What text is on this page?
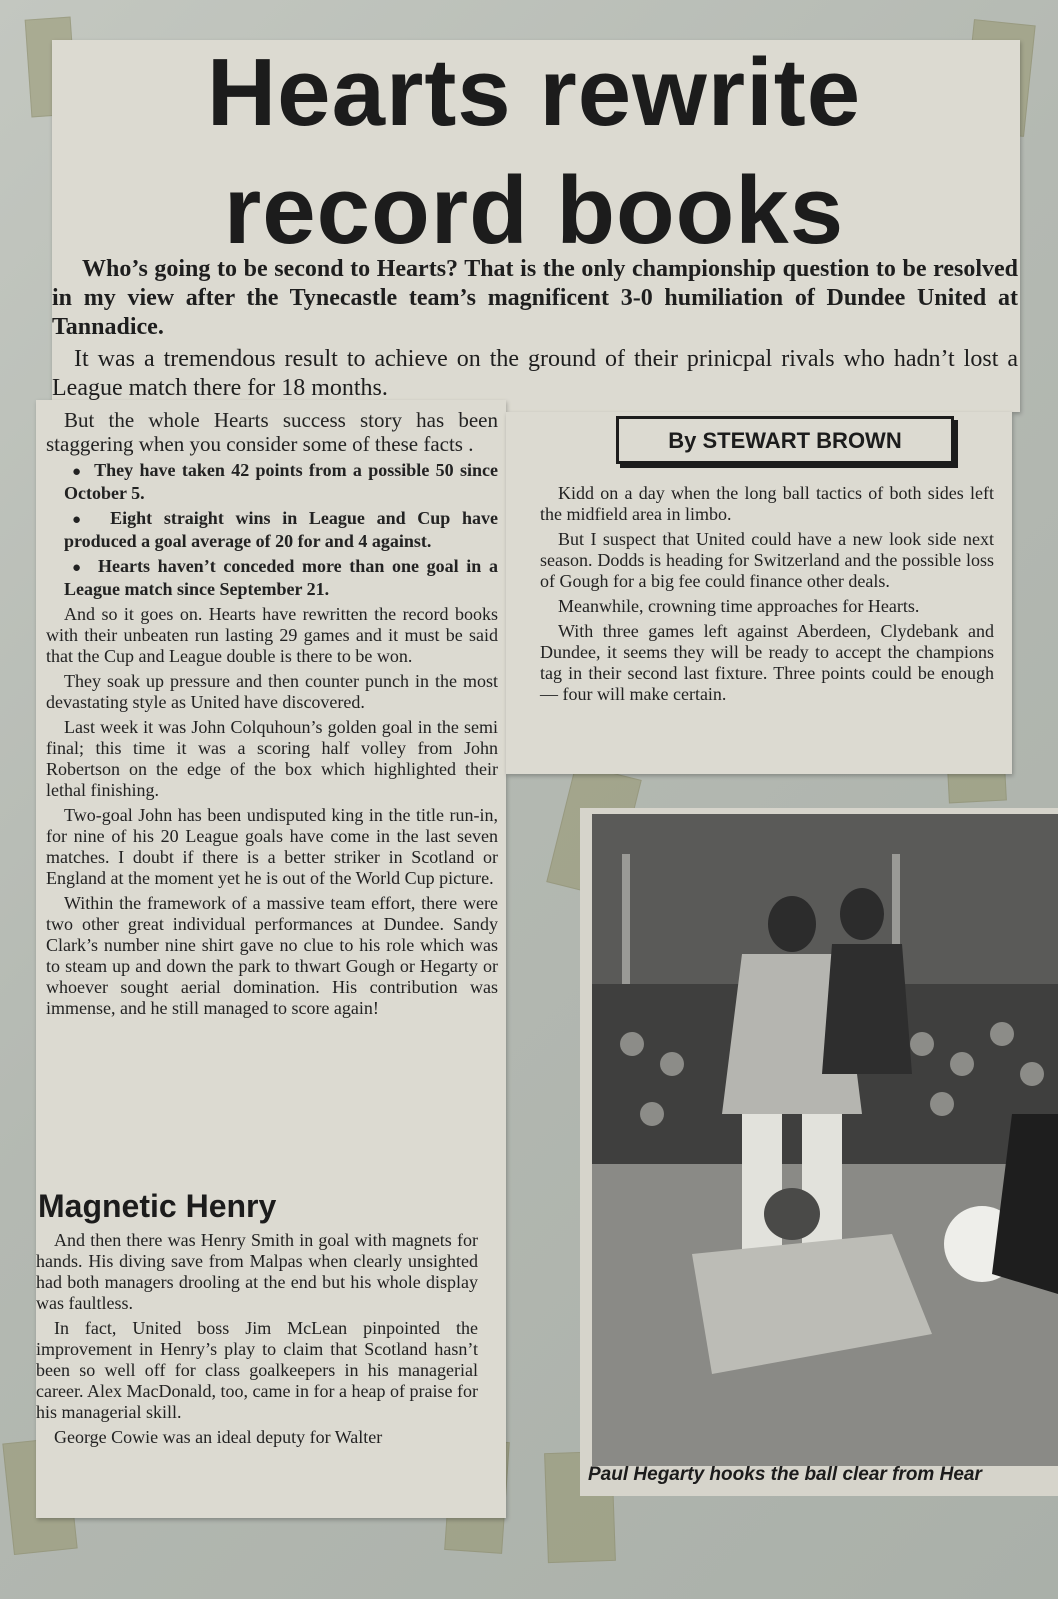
Hearts rewrite
record books
Who’s going to be second to Hearts? That is the only championship question to be resolved in my view after the Tynecastle team’s magnificent 3-0 humiliation of Dundee United at Tannadice.
It was a tremendous result to achieve on the ground of their prinicpal rivals who hadn’t lost a League match there for 18 months.

But the whole Hearts success story has been staggering when you consider some of these facts .

●  They have taken 42 points from a possible 50 since October 5.

●  Eight straight wins in League and Cup have produced a goal average of 20 for and 4 against.

●  Hearts haven’t conceded more than one goal in a League match since September 21.

And so it goes on. Hearts have rewritten the record books with their unbeaten run lasting 29 games and it must be said that the Cup and League double is there to be won.

They soak up pressure and then counter punch in the most devastating style as United have discovered.

Last week it was John Colquhoun’s golden goal in the semi final; this time it was a scoring half volley from John Robertson on the edge of the box which highlighted their lethal finishing.

Two-goal John has been undisputed king in the title run-in, for nine of his 20 League goals have come in the last seven matches. I doubt if there is a better striker in Scotland or England at the moment yet he is out of the World Cup picture.

Within the framework of a massive team effort, there were two other great individual performances at Dundee. Sandy Clark’s number nine shirt gave no clue to his role which was to steam up and down the park to thwart Gough or Hegarty or whoever sought aerial domination. His contribution was immense, and he still managed to score again!

Magnetic Henry

And then there was Henry Smith in goal with magnets for hands. His diving save from Malpas when clearly unsighted had both managers drooling at the end but his whole display was faultless.

In fact, United boss Jim McLean pinpointed the improvement in Henry’s play to claim that Scotland hasn’t been so well off for class goalkeepers in his managerial career. Alex MacDonald, too, came in for a heap of praise for his managerial skill.

George Cowie was an ideal deputy for Walter

By STEWART BROWN

Kidd on a day when the long ball tactics of both sides left the midfield area in limbo.

But I suspect that United could have a new look side next season. Dodds is heading for Switzerland and the possible loss of Gough for a big fee could finance other deals.

Meanwhile, crowning time approaches for Hearts.

With three games left against Aberdeen, Clydebank and Dundee, it seems they will be ready to accept the champions tag in their second last fixture. Three points could be enough — four will make certain.

Paul Hegarty hooks the ball clear from Hear
